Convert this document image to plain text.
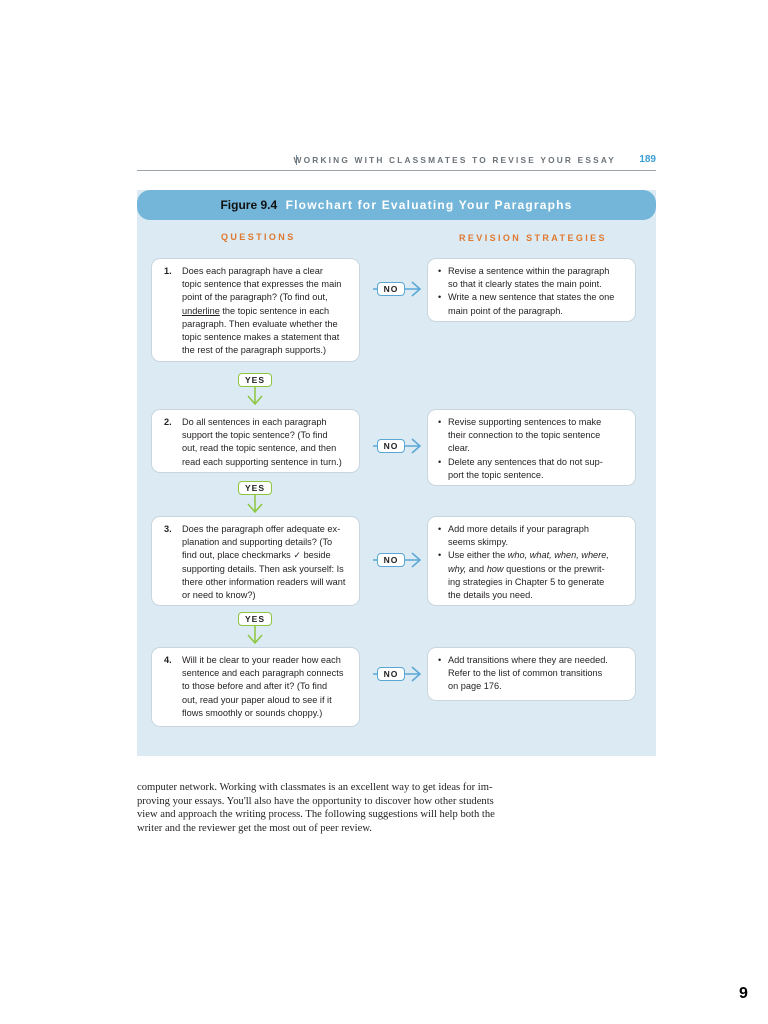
WORKING WITH CLASSMATES TO REVISE YOUR ESSAY 189
Figure 9.4 Flowchart for Evaluating Your Paragraphs
QUESTIONS	REVISION STRATEGIES
1. Does each paragraph have a clear
topic sentence that expresses the main
point of the paragraph? (To find out,
underline the topic sentence in each
paragraph. Then evaluate whether the
topic sentence makes a statement that
the rest of the paragraph supports.)
• Revise a sentence within the paragraph
so that it clearly states the main point.
• Write a new sentence that states the one
main point of the paragraph.
NO
YES
2. Do all sentences in each paragraph
support the topic sentence? (To find
out, read the topic sentence, and then
read each supporting sentence in turn.)
• Revise supporting sentences to make
their connection to the topic sentence
clear.
• Delete any sentences that do not sup-
port the topic sentence.
NO
YES
3. Does the paragraph offer adequate ex-
planation and supporting details? (To
find out, place checkmarks ✓ beside
supporting details. Then ask yourself: Is
there other information readers will want
or need to know?)
• Add more details if your paragraph
seems skimpy.
• Use either the who, what, when, where,
why, and how questions or the prewrit-
ing strategies in Chapter 5 to generate
the details you need.
NO
YES
4. Will it be clear to your reader how each
sentence and each paragraph connects
to those before and after it? (To find
out, read your paper aloud to see if it
flows smoothly or sounds choppy.)
• Add transitions where they are needed.
Refer to the list of common transitions
on page 176.
NO
computer network. Working with classmates is an excellent way to get ideas for im-
proving your essays. You'll also have the opportunity to discover how other students
view and approach the writing process. The following suggestions will help both the
writer and the reviewer get the most out of peer review.
9
